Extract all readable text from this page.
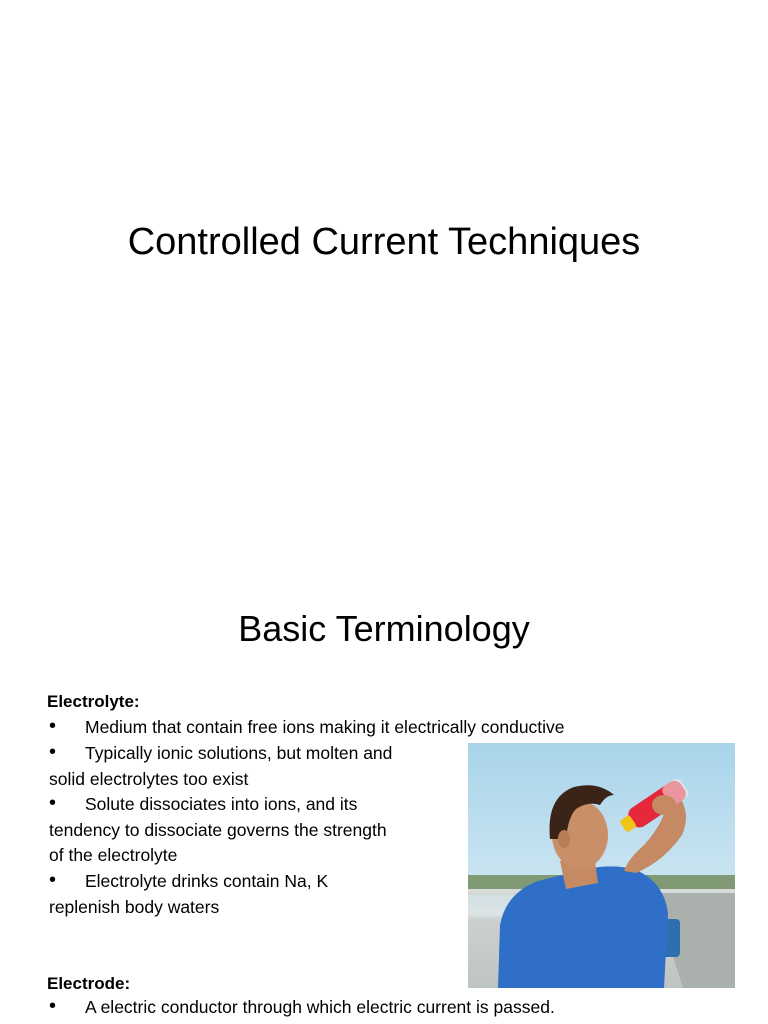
Controlled Current Techniques
Basic Terminology
Electrolyte:
•	Medium that contain free ions making it electrically conductive
•	Typically ionic solutions, but molten and solid electrolytes too exist
•	Solute dissociates into ions, and its tendency to dissociate governs the strength of the electrolyte
•	Electrolyte drinks contain Na, K replenish body waters
Electrode:
•	A electric conductor through which electric current is passed.
